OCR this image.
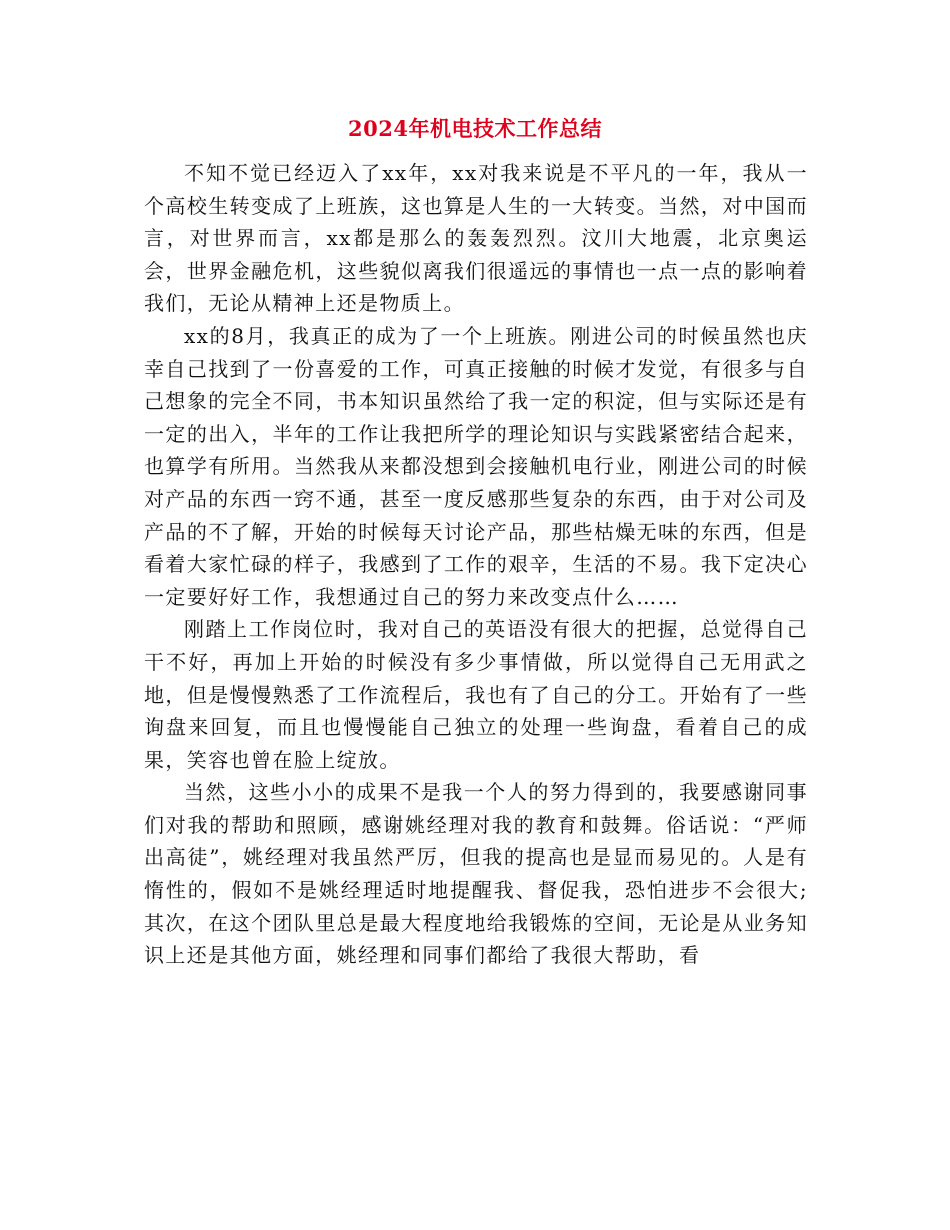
2024年机电技术工作总结

不知不觉已经迈入了xx年，xx对我来说是不平凡的一年，我从一个高校生转变成了上班族，这也算是人生的一大转变。当然，对中国而言，对世界而言，xx都是那么的轰轰烈烈。汶川大地震，北京奥运会，世界金融危机，这些貌似离我们很遥远的事情也一点一点的影响着我们，无论从精神上还是物质上。

xx的8月，我真正的成为了一个上班族。刚进公司的时候虽然也庆幸自己找到了一份喜爱的工作，可真正接触的时候才发觉，有很多与自己想象的完全不同，书本知识虽然给了我一定的积淀，但与实际还是有一定的出入，半年的工作让我把所学的理论知识与实践紧密结合起来，也算学有所用。当然我从来都没想到会接触机电行业，刚进公司的时候对产品的东西一窍不通，甚至一度反感那些复杂的东西，由于对公司及产品的不了解，开始的时候每天讨论产品，那些枯燥无味的东西，但是看着大家忙碌的样子，我感到了工作的艰辛，生活的不易。我下定决心一定要好好工作，我想通过自己的努力来改变点什么……

刚踏上工作岗位时，我对自己的英语没有很大的把握，总觉得自己干不好，再加上开始的时候没有多少事情做，所以觉得自己无用武之地，但是慢慢熟悉了工作流程后，我也有了自己的分工。开始有了一些询盘来回复，而且也慢慢能自己独立的处理一些询盘，看着自己的成果，笑容也曾在脸上绽放。

当然，这些小小的成果不是我一个人的努力得到的，我要感谢同事们对我的帮助和照顾，感谢姚经理对我的教育和鼓舞。俗话说：“严师出高徒”，姚经理对我虽然严厉，但我的提高也是显而易见的。人是有惰性的，假如不是姚经理适时地提醒我、督促我，恐怕进步不会很大;其次，在这个团队里总是最大程度地给我锻炼的空间，无论是从业务知识上还是其他方面，姚经理和同事们都给了我很大帮助，看
